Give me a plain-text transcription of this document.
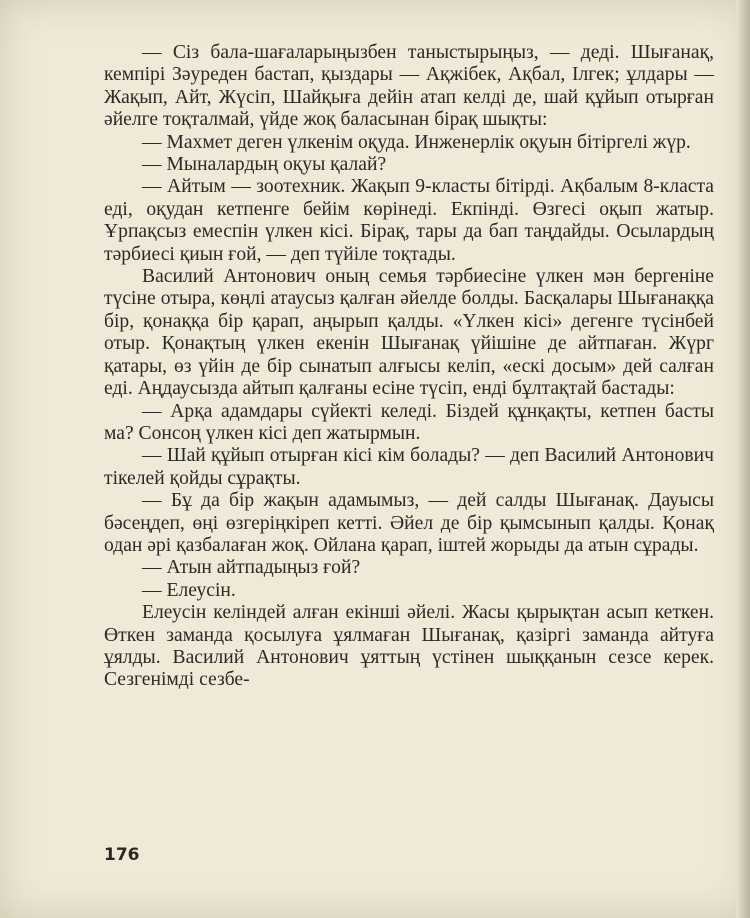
— Сіз бала-шағаларыңызбен таныстырыңыз, — деді. Шығанақ, кемпірі Зәуреден бастап, қыздары — Ақжібек, Ақбал, Ілгек; ұлдары — Жақып, Айт, Жүсіп, Шайқыға дейін атап келді де, шай құйып отырған әйелге тоқталмай, үйде жоқ баласынан бірақ шықты:

— Махмет деген үлкенім оқуда. Инженерлік оқуын бітіргелі жүр.

— Мыналардың оқуы қалай?

— Айтым — зоотехник. Жақып 9-класты бітірді. Ақбалым 8-класта еді, оқудан кетпенге бейім көрінеді. Екпінді. Өзгесі оқып жатыр. Ұрпақсыз емеспін үлкен кісі. Бірақ, тары да бап таңдайды. Осылардың тәрбиесі қиын ғой, — деп түйіле тоқтады.

Василий Антонович оның семья тәрбиесіне үлкен мән бергеніне түсіне отыра, көңлі атаусыз қалған әйелде болды. Басқалары Шығанаққа бір, қонаққа бір қарап, аңырып қалды. «Үлкен кісі» дегенге түсінбей отыр. Қонақтың үлкен екенін Шығанақ үйішіне де айтпаған. Жүрг қатары, өз үйін де бір сынатып алғысы келіп, «ескі досым» дей салған еді. Аңдаусызда айтып қалғаны есіне түсіп, енді бұлтақтай бастады:

— Арқа адамдары сүйекті келеді. Біздей құнқақты, кетпен басты ма? Сонсоң үлкен кісі деп жатырмын.

— Шай құйып отырған кісі кім болады? — деп Василий Антонович тікелей қойды сұрақты.

— Бұ да бір жақын адамымыз, — дей салды Шығанақ. Дауысы бәсеңдеп, өңі өзгеріңкіреп кетті. Әйел де бір қымсынып қалды. Қонақ одан әрі қазбалаған жоқ. Ойлана қарап, іштей жорыды да атын сұрады.

— Атын айтпадыңыз ғой?

— Елеусін.

Елеусін келіндей алған екінші әйелі. Жасы қырықтан асып кеткен. Өткен заманда қосылуға ұялмаған Шығанақ, қазіргі заманда айтуға ұялды. Василий Антонович ұяттың үстінен шыққанын сезсе керек. Сезгенімді сезбе-

176
